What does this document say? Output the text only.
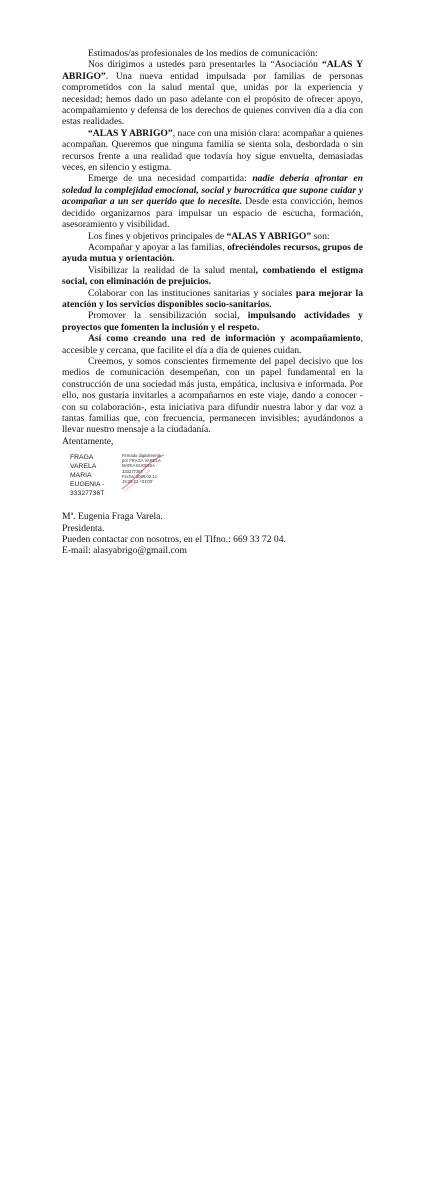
Estimados/as profesionales de los medios de comunicación:

Nos dirigimos a ustedes para presentarles la “Asociación “ALAS Y ABRIGO”. Una nueva entidad impulsada por familias de personas comprometidos con la salud mental que, unidas por la experiencia y necesidad; hemos dado un paso adelante con el propósito de ofrecer apoyo, acompañamiento y defensa de los derechos de quienes conviven día a día con estas realidades.

“ALAS Y ABRIGO”, nace con una misión clara: acompañar a quienes acompañan. Queremos que ninguna familia se sienta sola, desbordada o sin recursos frente a una realidad que todavía hoy sigue envuelta, demasiadas veces, en silencio y estigma.

Emerge de una necesidad compartida: nadie debería afrontar en soledad la complejidad emocional, social y burocrática que supone cuidar y acompañar a un ser querido que lo necesite. Desde esta convicción, hemos decidido organizarnos para impulsar un espacio de escucha, formación, asesoramiento y visibilidad.

Los fines y objetivos principales de “ALAS Y ABRIGO” son:

Acompañar y apoyar a las familias, ofreciéndoles recursos, grupos de ayuda mutua y orientación.

Visibilizar la realidad de la salud mental, combatiendo el estigma social, con eliminación de prejuicios.

Colaborar con las instituciones sanitarias y sociales para mejorar la atención y los servicios disponibles socio-sanitarios.

Promover la sensibilización social, impulsando actividades y proyectos que fomenten la inclusión y el respeto.

Así como creando una red de información y acompañamiento, accesible y cercana, que facilite el día a día de quienes cuidan.

Creemos, y somos conscientes firmemente del papel decisivo que los medios de comunicación desempeñan, con un papel fundamental en la construcción de una sociedad más justa, empática, inclusiva e informada. Por ello, nos gustaría invitarles a acompañarnos en este viaje, dando a conocer -con su colaboración-, esta iniciativa para difundir nuestra labor y dar voz a tantas familias que, con frecuencia, permanecen invisibles; ayudándonos a llevar nuestro mensaje a la ciudadanía.

Atentamente,

FRAGA VARELA
MARIA
EUGENIA -
33327736T
Firmado digitalmente
por FRAGA VARELA
MARIA EUGENIA -
33327736T
Fecha: 2026.02.12
15:20:21 +01'00'

Mª. Eugenia Fraga Varela.

Presidenta.

Pueden contactar con nosotros, en el Tlfno.: 669 33 72 04.

E-mail: alasyabrigo@gmail.com
